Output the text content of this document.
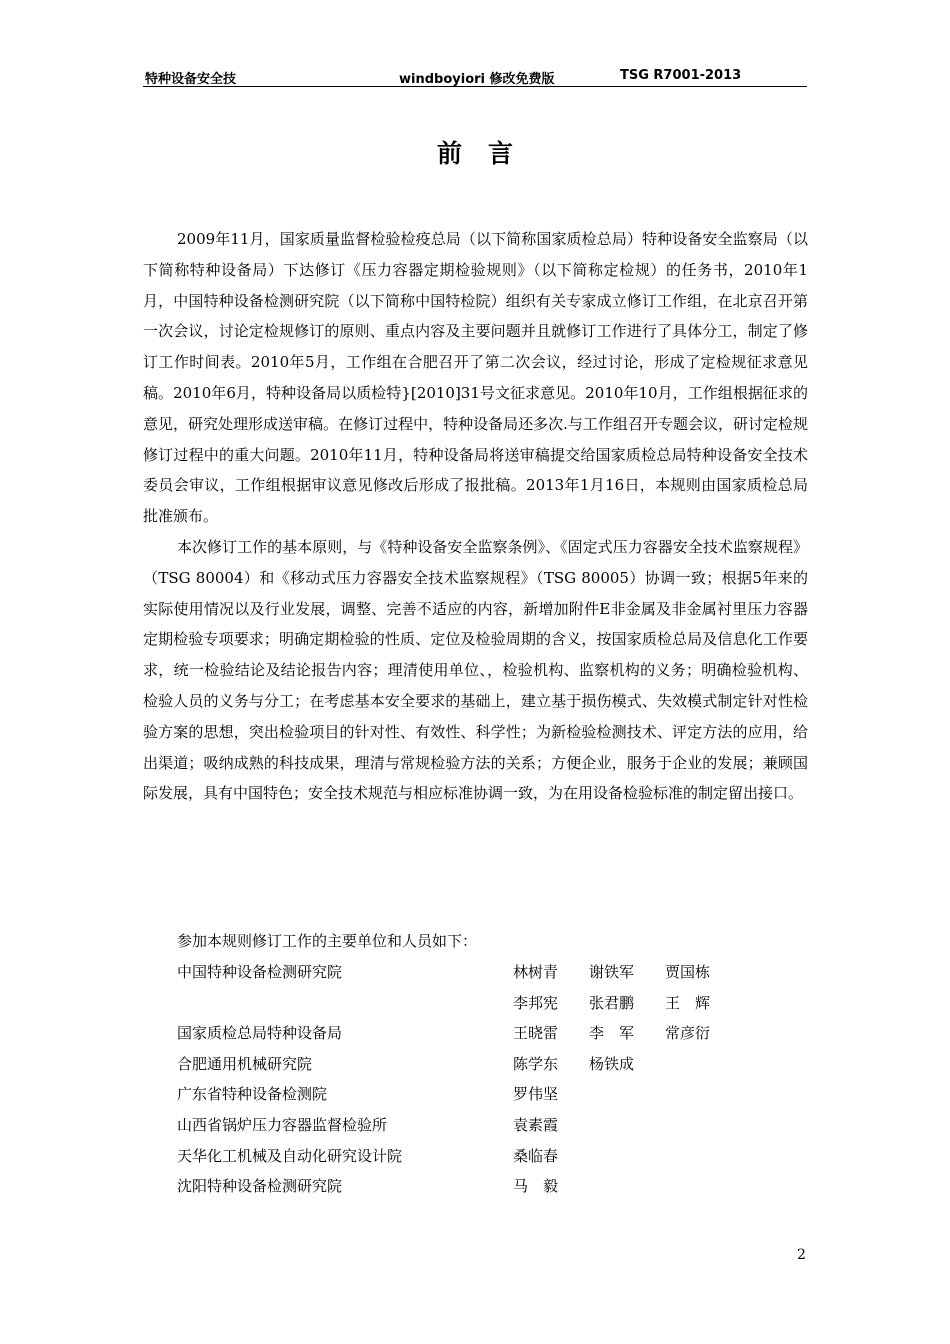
特种设备安全技	windboyiori 修改免费版	TSG R7001-2013
前言

2009年11月，国家质量监督检验检疫总局（以下简称国家质检总局）特种设备安全监察局（以下简称特种设备局）下达修订《压力容器定期检验规则》（以下简称定检规）的任务书，2010年1月，中国特种设备检测研究院（以下简称中国特检院）组织有关专家成立修订工作组，在北京召开第一次会议，讨论定检规修订的原则、重点内容及主要问题并且就修订工作进行了具体分工，制定了修订工作时间表。2010年5月，工作组在合肥召开了第二次会议，经过讨论，形成了定检规征求意见稿。2010年6月，特种设备局以质检特}[2010]31号文征求意见。2010年10月，工作组根据征求的意见，研究处理形成送审稿。在修订过程中，特种设备局还多次.与工作组召开专题会议，研讨定检规修订过程中的重大问题。2010年11月，特种设备局将送审稿提交给国家质检总局特种设备安全技术委员会审议，工作组根据审议意见修改后形成了报批稿。2013年1月16日，本规则由国家质检总局批准颁布。

本次修订工作的基本原则，与《特种设备安全监察条例》、《固定式压力容器安全技术监察规程》（TSG 80004）和《移动式压力容器安全技术监察规程》（TSG 80005）协调一致；根据5年来的实际使用情况以及行业发展，调整、完善不适应的内容，新增加附件E非金属及非金属衬里压力容器定期检验专项要求；明确定期检验的性质、定位及检验周期的含义，按国家质检总局及信息化工作要求，统一检验结论及结论报告内容；理清使用单位、，检验机构、监察机构的义务；明确检验机构、检验人员的义务与分工；在考虑基本安全要求的基础上，建立基于损伤模式、失效模式制定针对性检验方案的思想，突出检验项目的针对性、有效性、科学性；为新检验检测技术、评定方法的应用，给出渠道；吸纳成熟的科技成果，理清与常规检验方法的关系；方便企业，服务于企业的发展；兼顾国际发展，具有中国特色；安全技术规范与相应标准协调一致，为在用设备检验标准的制定留出接口。

参加本规则修订工作的主要单位和人员如下：
中国特种设备检测研究院	林树青 谢铁军 贾国栋
李邦宪 张君鹏 王　辉
国家质检总局特种设备局	王晓雷 李　军 常彦衍
合肥通用机械研究院	陈学东 杨铁成
广东省特种设备检测院	罗伟坚
山西省锅炉压力容器监督检验所	袁素霞
天华化工机械及自动化研究设计院	桑临春
沈阳特种设备检测研究院	马　毅
2
